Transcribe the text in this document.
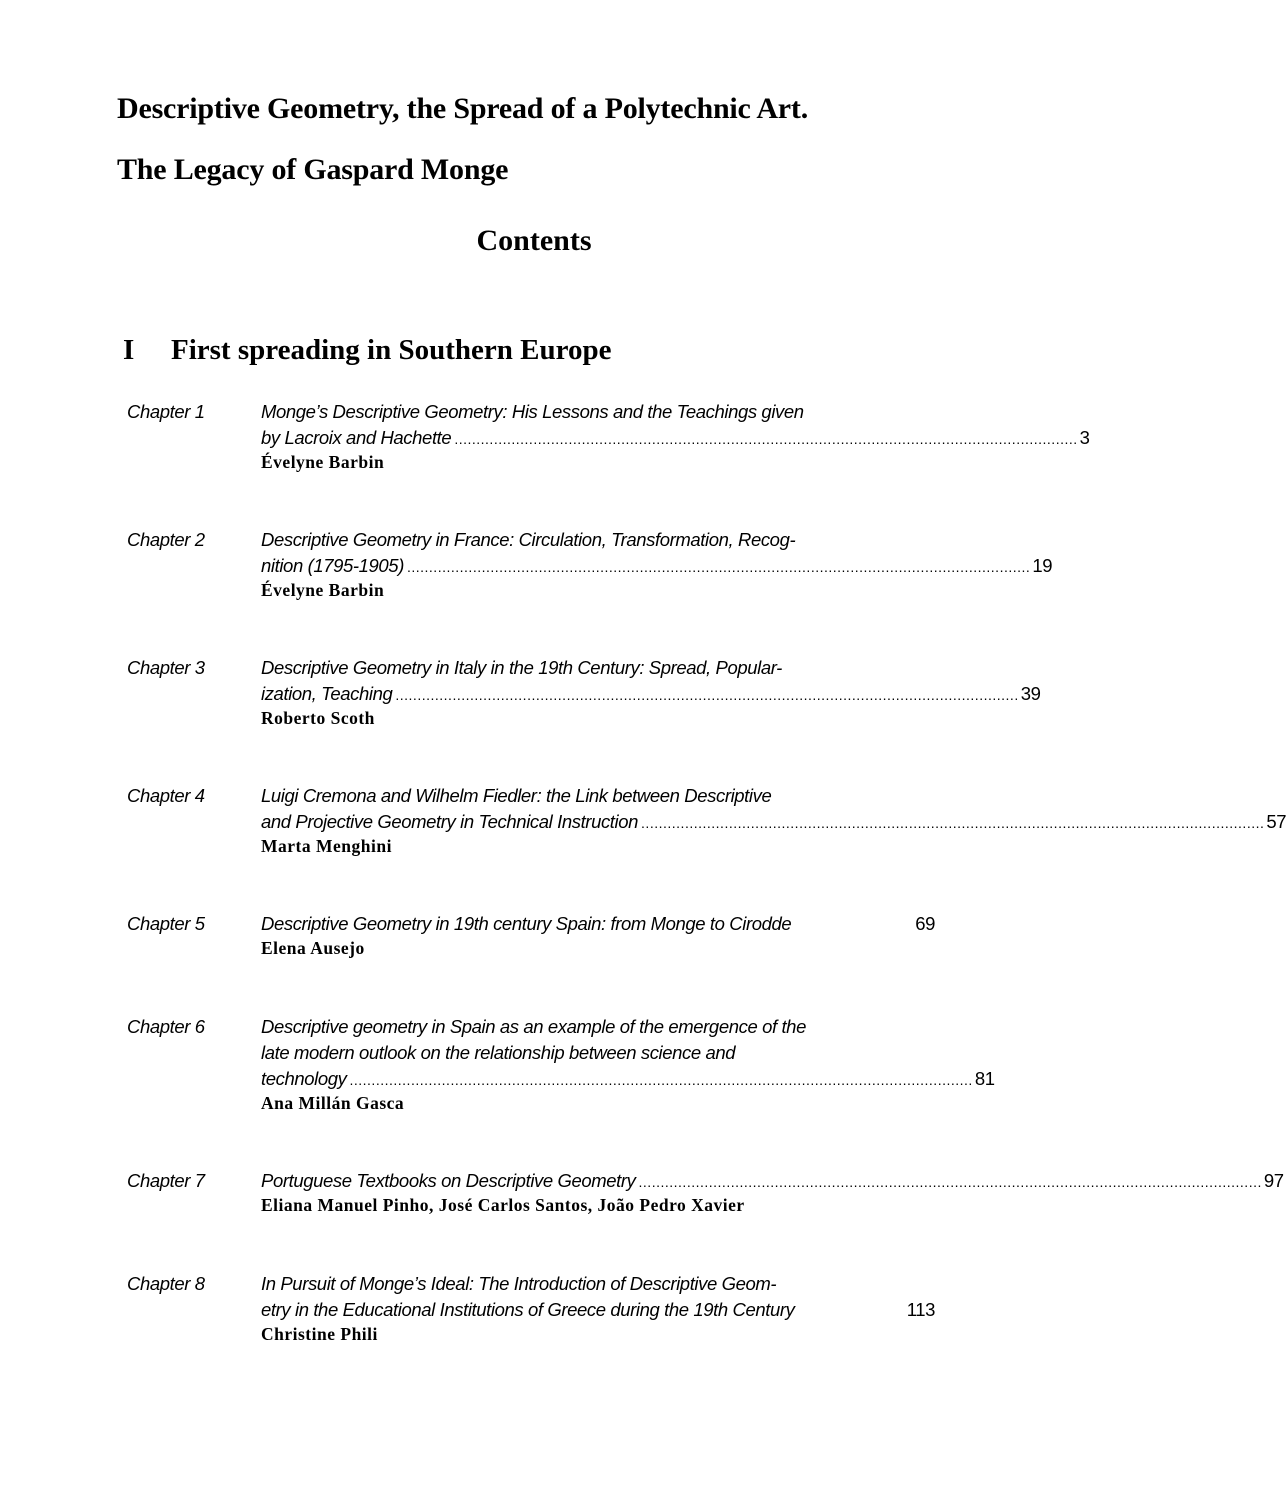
Descriptive Geometry, the Spread of a Polytechnic Art.
The Legacy of Gaspard Monge
Contents
I First spreading in Southern Europe
Chapter 1	Monge’s Descriptive Geometry: His Lessons and the Teachings given
by Lacroix and Hachette .............................................................................................................................................. 3
Évelyne Barbin
Chapter 2	Descriptive Geometry in France: Circulation, Transformation, Recog-
nition (1795-1905) .............................................................................................................................................. 19
Évelyne Barbin
Chapter 3	Descriptive Geometry in Italy in the 19th Century: Spread, Popular-
ization, Teaching .............................................................................................................................................. 39
Roberto Scoth
Chapter 4	Luigi Cremona and Wilhelm Fiedler: the Link between Descriptive
and Projective Geometry in Technical Instruction .............................................................................................................................................. 57
Marta Menghini
Chapter 5	Descriptive Geometry in 19th century Spain: from Monge to Cirodde	69
Elena Ausejo
Chapter 6	Descriptive geometry in Spain as an example of the emergence of the
late modern outlook on the relationship between science and
technology .............................................................................................................................................. 81
Ana Millán Gasca
Chapter 7	Portuguese Textbooks on Descriptive Geometry .............................................................................................................................................. 97
Eliana Manuel Pinho, José Carlos Santos, João Pedro Xavier
Chapter 8	In Pursuit of Monge’s Ideal: The Introduction of Descriptive Geom-
etry in the Educational Institutions of Greece during the 19th Century	113
Christine Phili
